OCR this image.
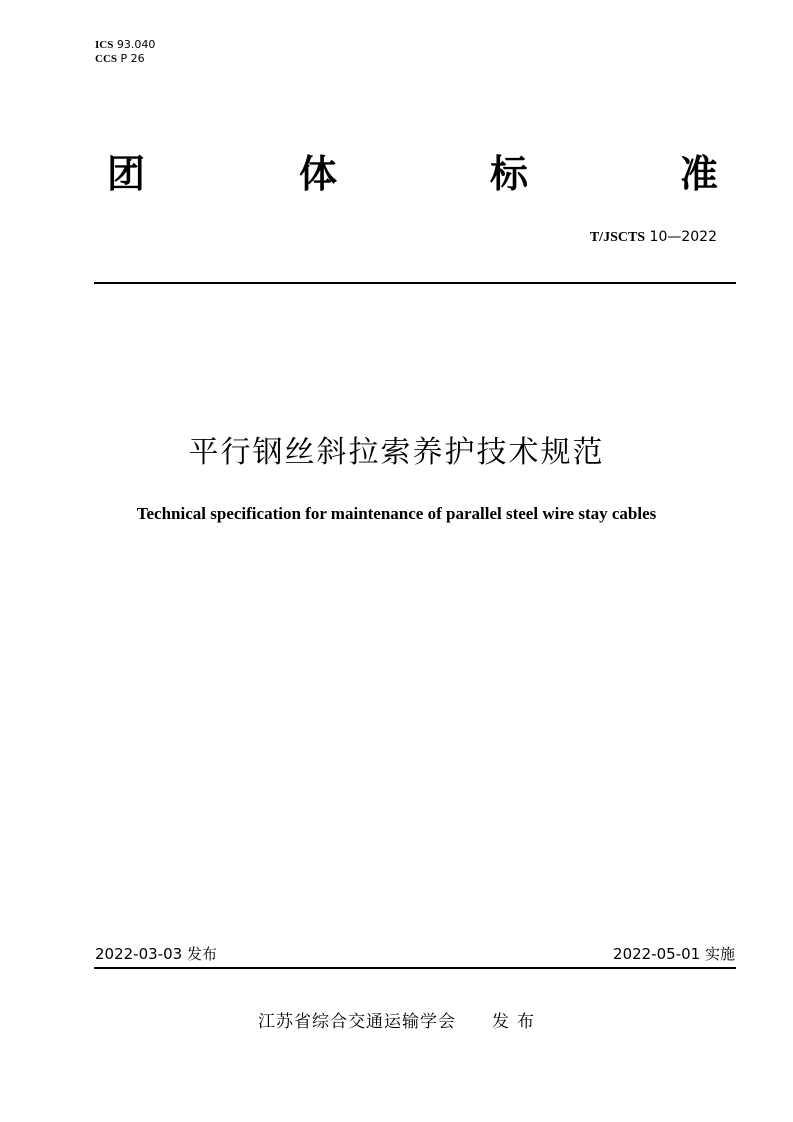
ICS 93.040
CCS P 26
团	体	标	准
T/JSCTS 10—2022
平行钢丝斜拉索养护技术规范
Technical specification for maintenance of parallel steel wire stay cables
2022-03-03 发布	2022-05-01 实施
江苏省综合交通运输学会 发布
